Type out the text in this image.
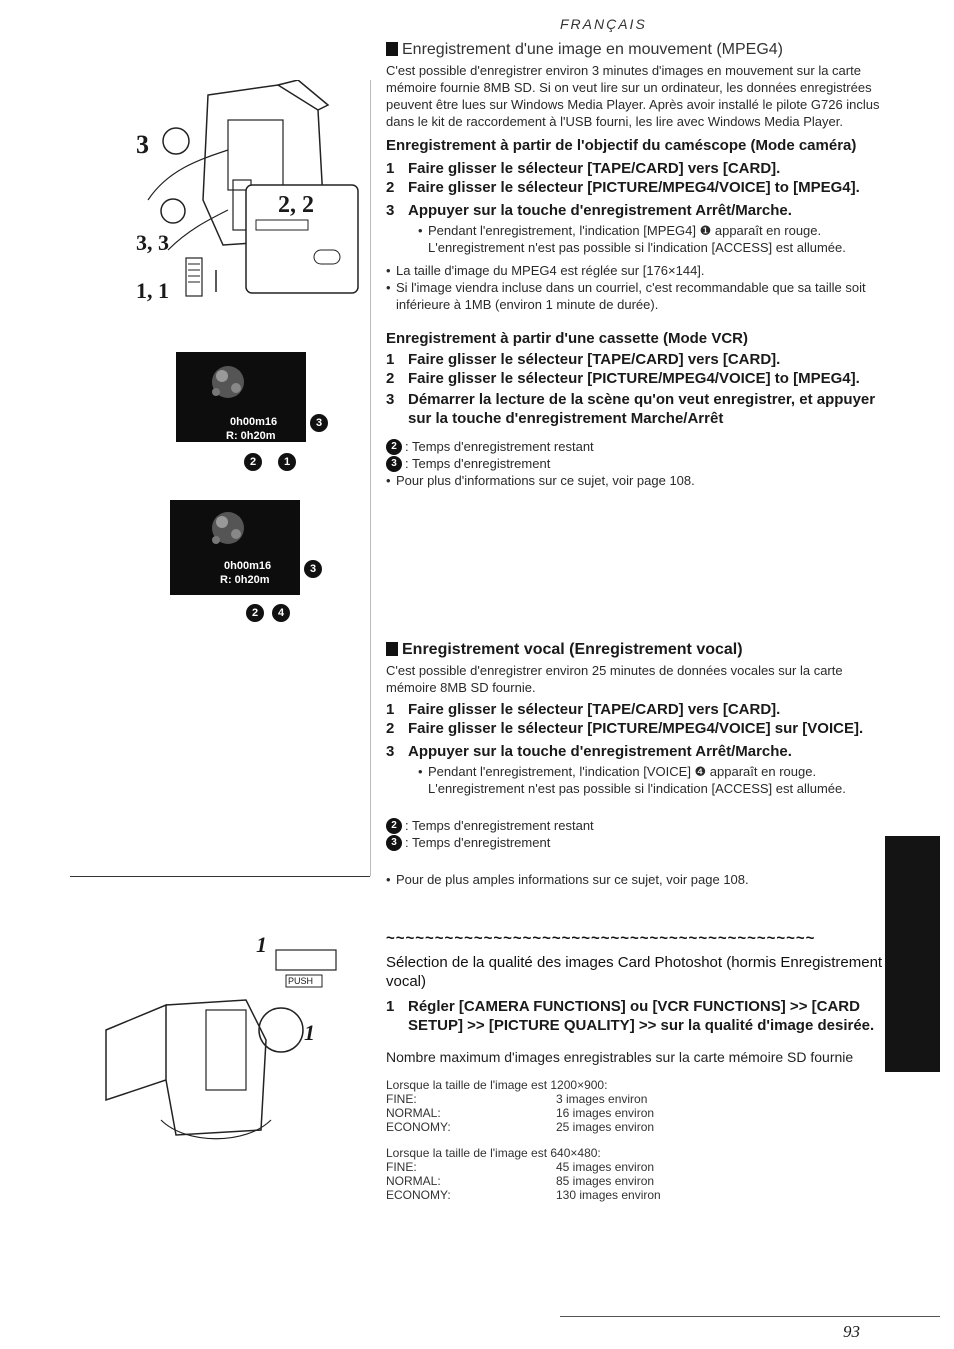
FRANÇAIS
3
2, 2
3, 3
1, 1
0h00m16
R: 0h20m
3
2	1
0h00m16
R: 0h20m
3
2	4
1
1
PUSH
Enregistrement d'une image en mouvement (MPEG4)

C'est possible d'enregistrer environ 3 minutes d'images en mouvement sur la carte mémoire fournie 8MB SD. Si on veut lire sur un ordinateur, les données enregistrées peuvent être lues sur Windows Media Player. Après avoir installé le pilote G726 inclus dans le kit de raccordement à l'USB fourni, les lire avec Windows Media Player.

Enregistrement à partir de l'objectif du caméscope (Mode caméra)
1 Faire glisser le sélecteur [TAPE/CARD] vers [CARD].
2 Faire glisser le sélecteur [PICTURE/MPEG4/VOICE] to [MPEG4].
3 Appuyer sur la touche d'enregistrement Arrêt/Marche.
• Pendant l'enregistrement, l'indication [MPEG4] ❶ apparaît en rouge.
L'enregistrement n'est pas possible si l'indication [ACCESS] est allumée.
• La taille d'image du MPEG4 est réglée sur [176×144].
• Si l'image viendra incluse dans un courriel, c'est recommandable que sa taille soit inférieure à 1MB (environ 1 minute de durée).
Enregistrement à partir d'une cassette (Mode VCR)
1 Faire glisser le sélecteur [TAPE/CARD] vers [CARD].
2 Faire glisser le sélecteur [PICTURE/MPEG4/VOICE] to [MPEG4].
3 Démarrer la lecture de la scène qu'on veut enregistrer, et appuyer sur la touche d'enregistrement Marche/Arrêt
2 : Temps d'enregistrement restant
3 : Temps d'enregistrement
• Pour plus d'informations sur ce sujet, voir page 108.
Enregistrement vocal (Enregistrement vocal)

C'est possible d'enregistrer environ 25 minutes de données vocales sur la carte mémoire 8MB SD fournie.

1 Faire glisser le sélecteur [TAPE/CARD] vers [CARD].
2 Faire glisser le sélecteur [PICTURE/MPEG4/VOICE] sur [VOICE].
3 Appuyer sur la touche d'enregistrement Arrêt/Marche.
• Pendant l'enregistrement, l'indication [VOICE] ❹ apparaît en rouge.
L'enregistrement n'est pas possible si l'indication [ACCESS] est allumée.
2 : Temps d'enregistrement restant
3 : Temps d'enregistrement
• Pour de plus amples informations sur ce sujet, voir page 108.
~~~~~~~~~~~~~~~~~~~~~~~~~~~~~~~~~~~~~~~~~~~~
Sélection de la qualité des images Card Photoshot (hormis Enregistrement vocal)
1 Régler [CAMERA FUNCTIONS] ou [VCR FUNCTIONS] >> [CARD SETUP] >> [PICTURE QUALITY] >> sur la qualité d'image desirée.
Nombre maximum d'images enregistrables sur la carte mémoire SD fournie
Lorsque la taille de l'image est 1200×900:
FINE:	3 images environ
NORMAL:	16 images environ
ECONOMY:	25 images environ
Lorsque la taille de l'image est 640×480:
FINE:	45 images environ
NORMAL:	85 images environ
ECONOMY:	130 images environ
93
